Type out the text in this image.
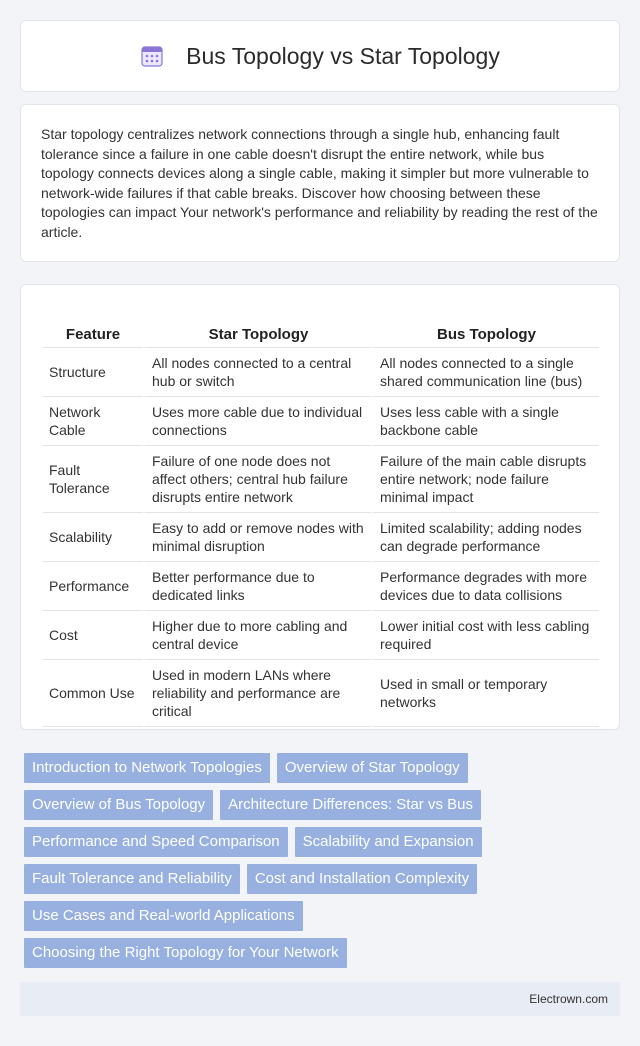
Bus Topology vs Star Topology

Star topology centralizes network connections through a single hub, enhancing fault tolerance since a failure in one cable doesn't disrupt the entire network, while bus topology connects devices along a single cable, making it simpler but more vulnerable to network-wide failures if that cable breaks. Discover how choosing between these topologies can impact Your network's performance and reliability by reading the rest of the article.

Feature	Star Topology	Bus Topology
Structure	All nodes connected to a central hub or switch	All nodes connected to a single shared communication line (bus)
Network Cable	Uses more cable due to individual connections	Uses less cable with a single backbone cable
Fault Tolerance	Failure of one node does not affect others; central hub failure disrupts entire network	Failure of the main cable disrupts entire network; node failure minimal impact
Scalability	Easy to add or remove nodes with minimal disruption	Limited scalability; adding nodes can degrade performance
Performance	Better performance due to dedicated links	Performance degrades with more devices due to data collisions
Cost	Higher due to more cabling and central device	Lower initial cost with less cabling required
Common Use	Used in modern LANs where reliability and performance are critical	Used in small or temporary networks
Introduction to Network Topologies	Overview of Star Topology
Overview of Bus Topology	Architecture Differences: Star vs Bus
Performance and Speed Comparison	Scalability and Expansion
Fault Tolerance and Reliability	Cost and Installation Complexity
Use Cases and Real-world Applications
Choosing the Right Topology for Your Network
Electrown.com
